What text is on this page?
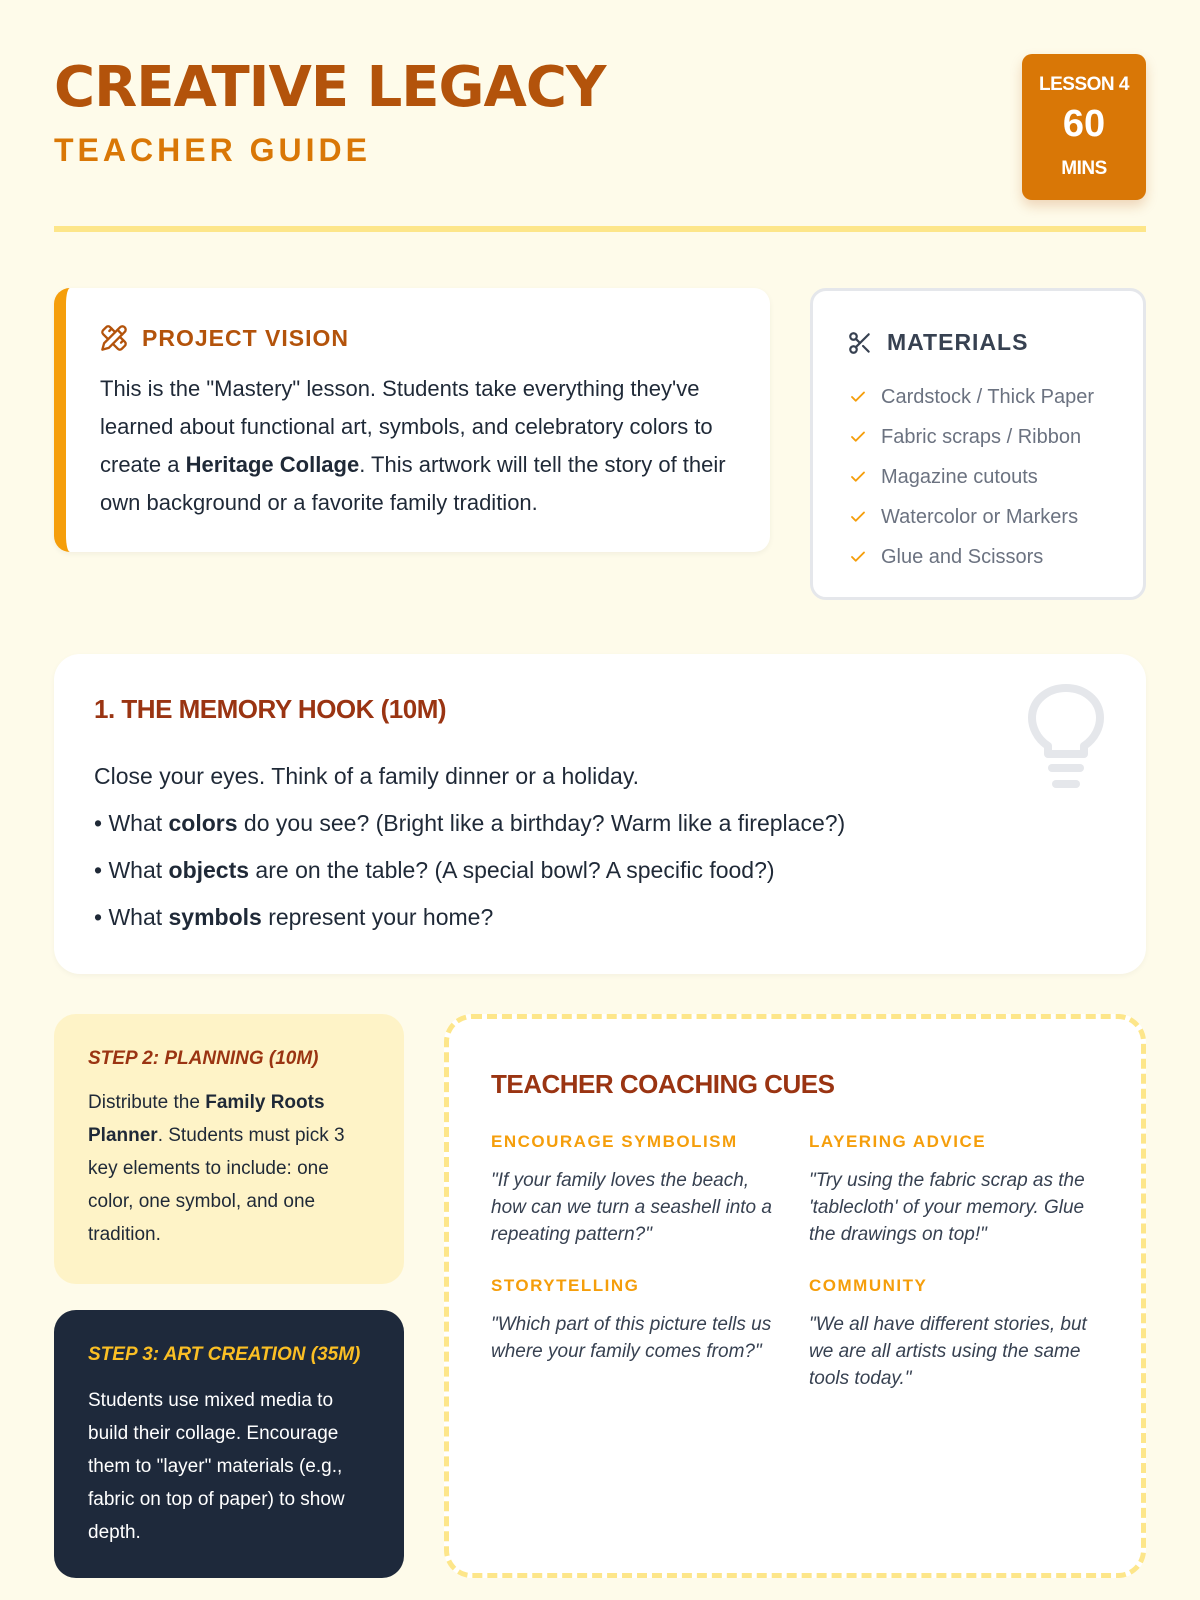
CREATIVE LEGACY
TEACHER GUIDE
LESSON 4
60
MINS
PROJECT VISION

This is the "Mastery" lesson. Students take everything they've learned about functional art, symbols, and celebratory colors to create a Heritage Collage. This artwork will tell the story of their own background or a favorite family tradition.

MATERIALS
Cardstock / Thick Paper
Fabric scraps / Ribbon
Magazine cutouts
Watercolor or Markers
Glue and Scissors
1. THE MEMORY HOOK (10M)

Close your eyes. Think of a family dinner or a holiday.

• What colors do you see? (Bright like a birthday? Warm like a fireplace?)

• What objects are on the table? (A special bowl? A specific food?)

• What symbols represent your home?

STEP 2: PLANNING (10M)

Distribute the Family Roots Planner. Students must pick 3 key elements to include: one color, one symbol, and one tradition.

STEP 3: ART CREATION (35M)

Students use mixed media to build their collage. Encourage them to "layer" materials (e.g., fabric on top of paper) to show depth.

TEACHER COACHING CUES
ENCOURAGE SYMBOLISM

"If your family loves the beach, how can we turn a seashell into a repeating pattern?"

LAYERING ADVICE

"Try using the fabric scrap as the 'tablecloth' of your memory. Glue the drawings on top!"

STORYTELLING

"Which part of this picture tells us where your family comes from?"

COMMUNITY

"We all have different stories, but we are all artists using the same tools today."
